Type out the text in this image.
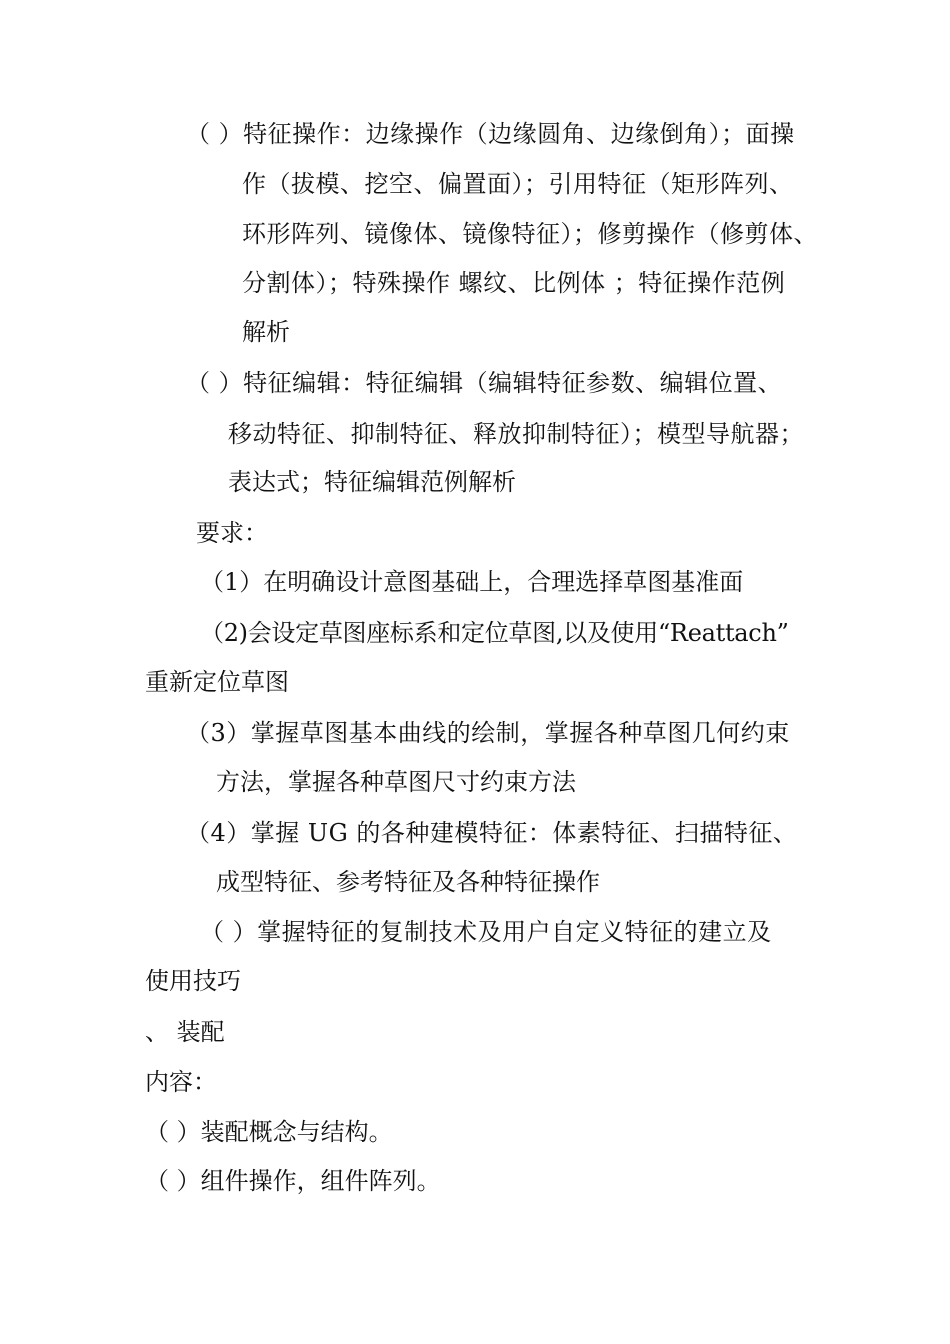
（ ）特征操作：边缘操作（边缘圆角、边缘倒角）；面操
作（拔模、挖空、偏置面）；引用特征（矩形阵列、
环形阵列、镜像体、镜像特征）；修剪操作（修剪体、
分割体）；特殊操作 螺纹、比例体 ；特征操作范例
解析
（ ）特征编辑：特征编辑（编辑特征参数、编辑位置、
移动特征、抑制特征、释放抑制特征）；模型导航器；
表达式；特征编辑范例解析
要求：
（1）在明确设计意图基础上，合理选择草图基准面
（2)会设定草图座标系和定位草图,以及使用“Reattach”
重新定位草图
（3）掌握草图基本曲线的绘制，掌握各种草图几何约束
方法，掌握各种草图尺寸约束方法
（4）掌握 UG 的各种建模特征：体素特征、扫描特征、
成型特征、参考特征及各种特征操作
（ ）掌握特征的复制技术及用户自定义特征的建立及
使用技巧
、 装配
内容：
（ ）装配概念与结构。
（ ）组件操作，组件阵列。
